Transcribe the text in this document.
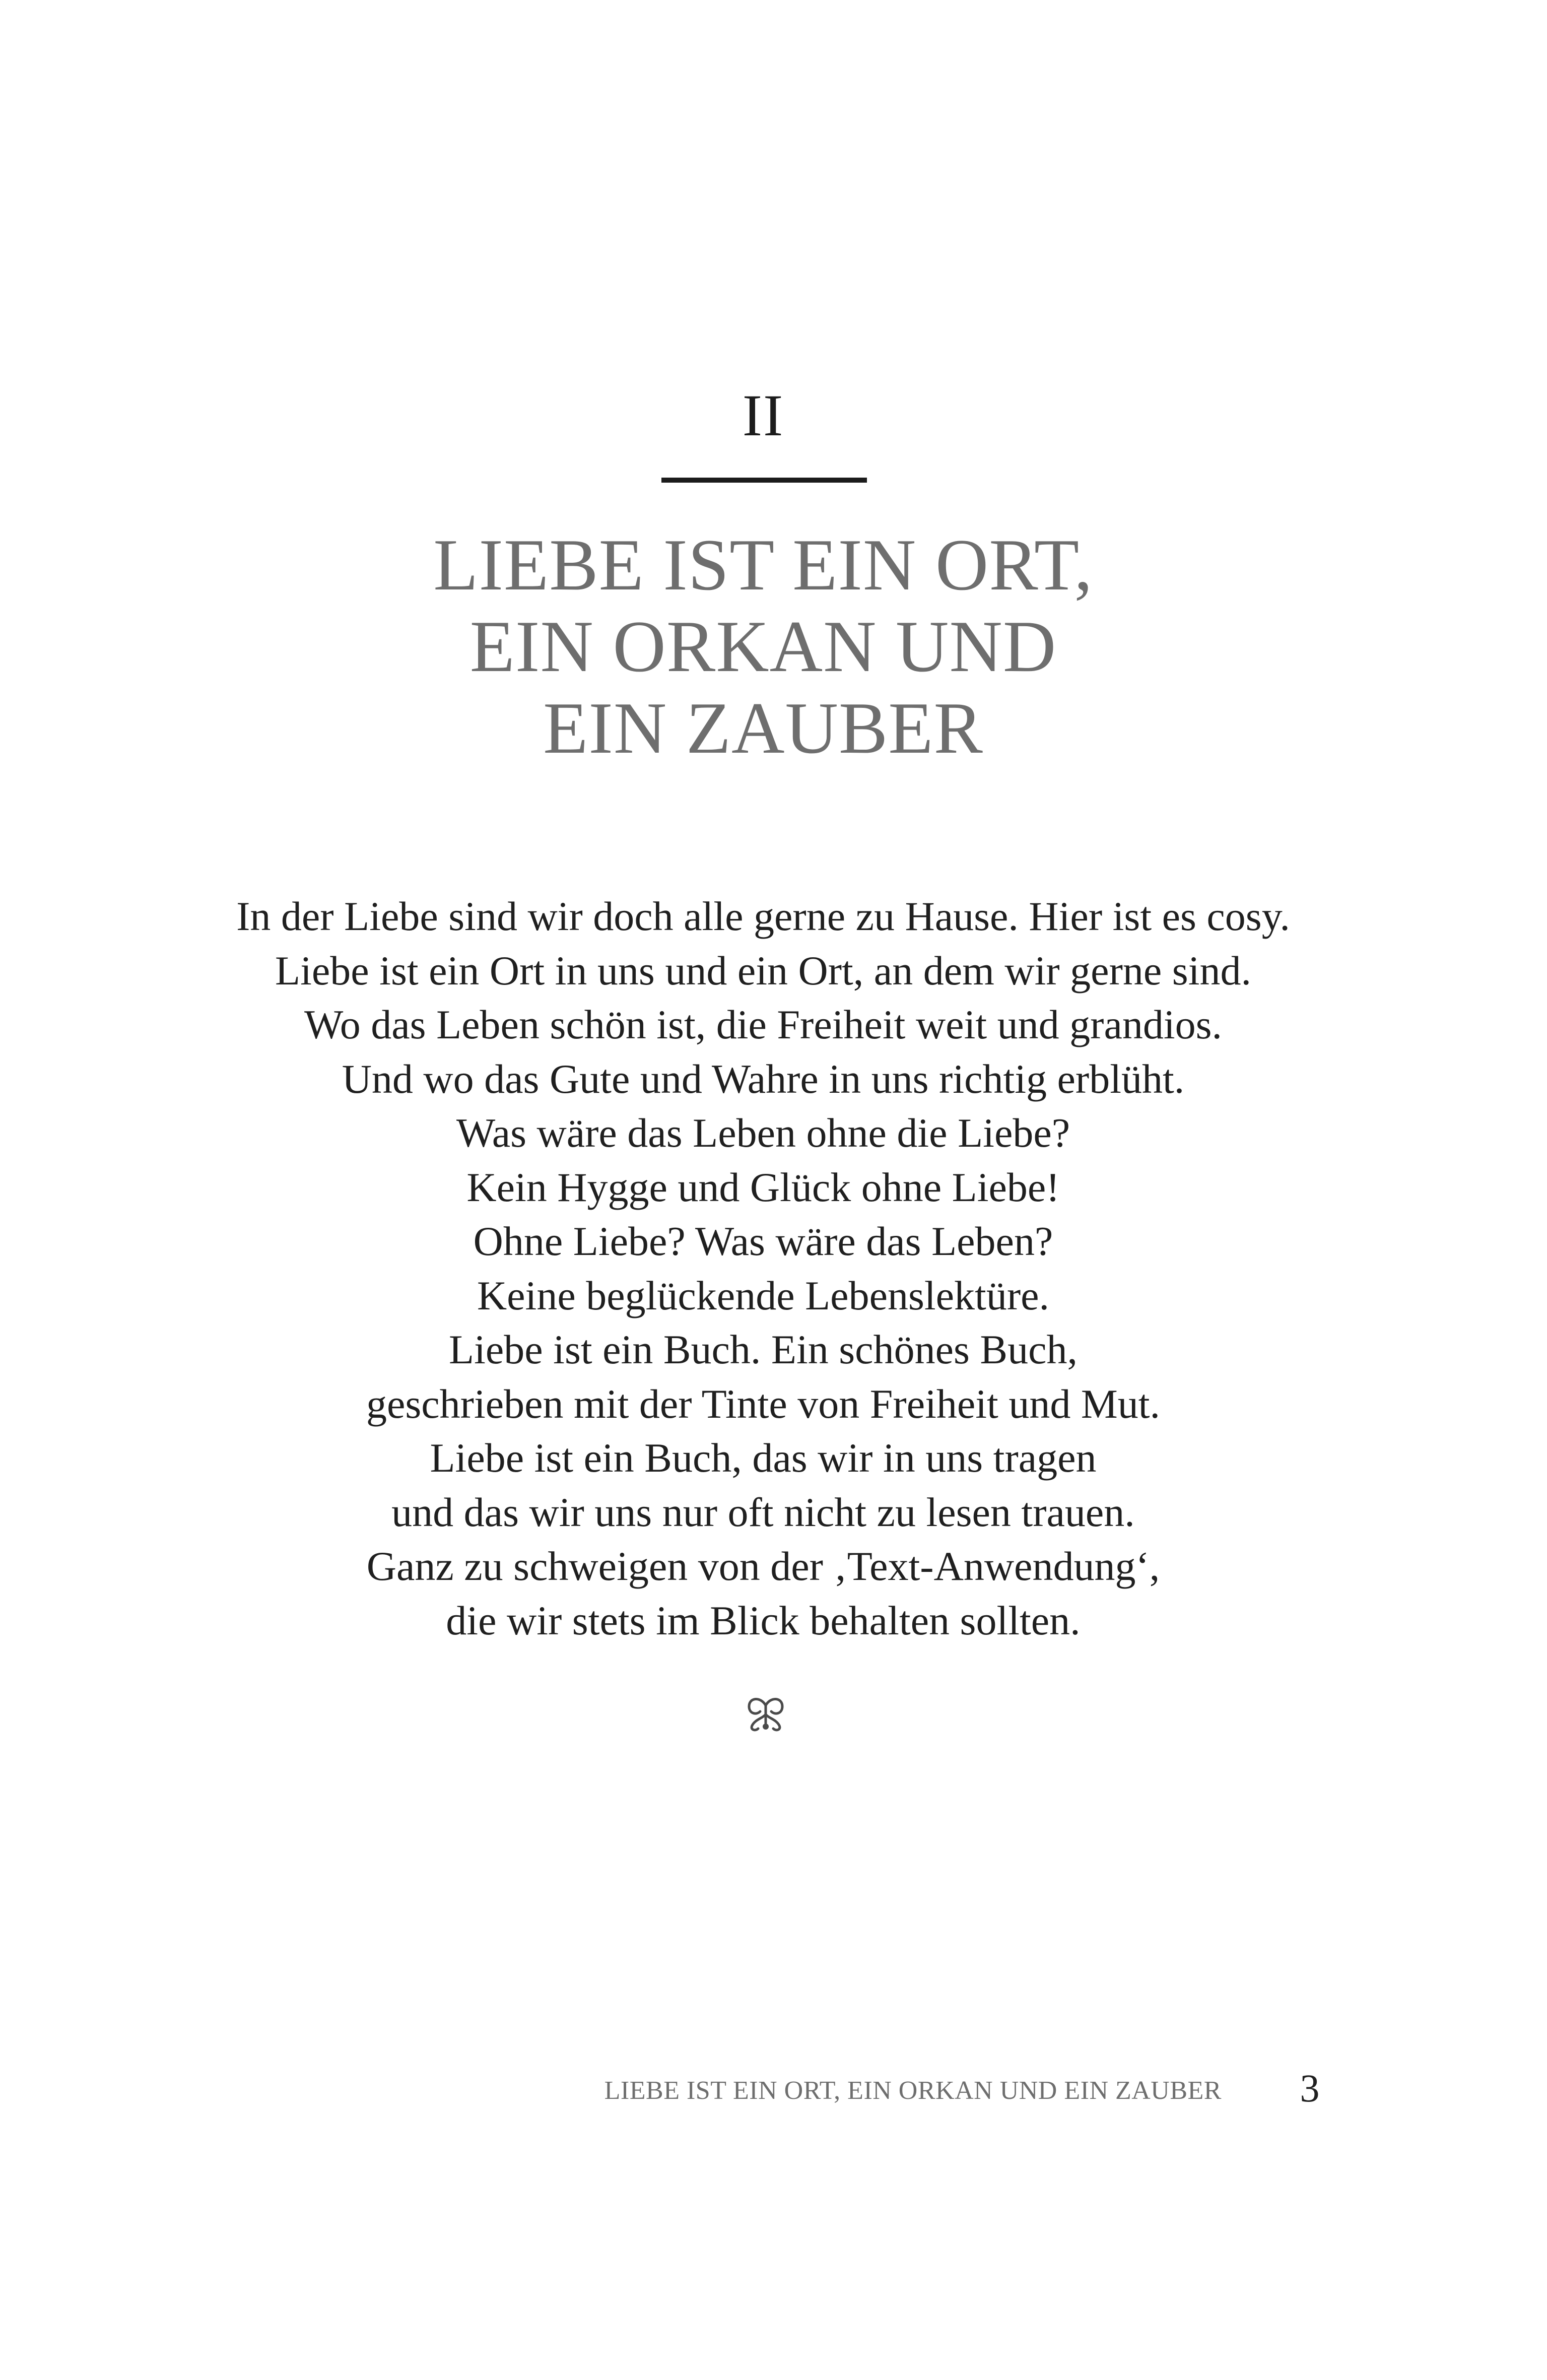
II
LIEBE IST EIN ORT,
EIN ORKAN UND
EIN ZAUBER
In der Liebe sind wir doch alle gerne zu Hause. Hier ist es cosy.
Liebe ist ein Ort in uns und ein Ort, an dem wir gerne sind.
Wo das Leben schön ist, die Freiheit weit und grandios.
Und wo das Gute und Wahre in uns richtig erblüht.
Was wäre das Leben ohne die Liebe?
Kein Hygge und Glück ohne Liebe!
Ohne Liebe? Was wäre das Leben?
Keine beglückende Lebenslektüre.
Liebe ist ein Buch. Ein schönes Buch,
geschrieben mit der Tinte von Freiheit und Mut.
Liebe ist ein Buch, das wir in uns tragen
und das wir uns nur oft nicht zu lesen trauen.
Ganz zu schweigen von der ‚Text-Anwendung‘,
die wir stets im Blick behalten sollten.
LIEBE IST EIN ORT, EIN ORKAN UND EIN ZAUBER 3
